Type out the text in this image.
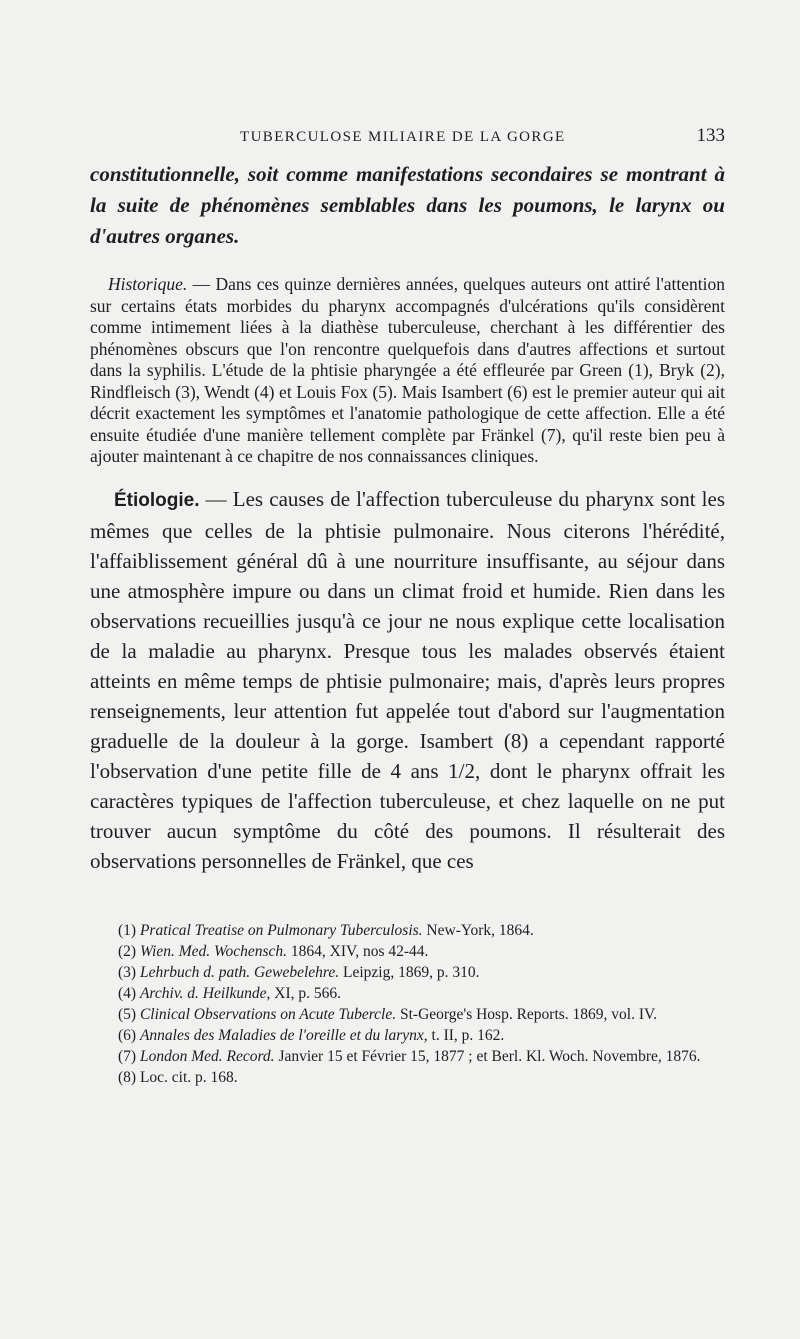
TUBERCULOSE MILIAIRE DE LA GORGE	133

constitutionnelle, soit comme manifestations secondaires se montrant à la suite de phénomènes semblables dans les poumons, le larynx ou d'autres organes.

Historique. — Dans ces quinze dernières années, quelques auteurs ont attiré l'attention sur certains états morbides du pharynx accompagnés d'ulcérations qu'ils considèrent comme intimement liées à la diathèse tuberculeuse, cherchant à les différentier des phénomènes obscurs que l'on rencontre quelquefois dans d'autres affections et surtout dans la syphilis. L'étude de la phtisie pharyngée a été effleurée par Green (1), Bryk (2), Rindfleisch (3), Wendt (4) et Louis Fox (5). Mais Isambert (6) est le premier auteur qui ait décrit exactement les symptômes et l'anatomie pathologique de cette affection. Elle a été ensuite étudiée d'une manière tellement complète par Fränkel (7), qu'il reste bien peu à ajouter maintenant à ce chapitre de nos connaissances cliniques.

Étiologie. — Les causes de l'affection tuberculeuse du pharynx sont les mêmes que celles de la phtisie pulmonaire. Nous citerons l'hérédité, l'affaiblissement général dû à une nourriture insuffisante, au séjour dans une atmosphère impure ou dans un climat froid et humide. Rien dans les observations recueillies jusqu'à ce jour ne nous explique cette localisation de la maladie au pharynx. Presque tous les malades observés étaient atteints en même temps de phtisie pulmonaire; mais, d'après leurs propres renseignements, leur attention fut appelée tout d'abord sur l'augmentation graduelle de la douleur à la gorge. Isambert (8) a cependant rapporté l'observation d'une petite fille de 4 ans 1/2, dont le pharynx offrait les caractères typiques de l'affection tuberculeuse, et chez laquelle on ne put trouver aucun symptôme du côté des poumons. Il résulterait des observations personnelles de Fränkel, que ces

(1) Pratical Treatise on Pulmonary Tuberculosis. New-York, 1864.
(2) Wien. Med. Wochensch. 1864, XIV, nos 42-44.
(3) Lehrbuch d. path. Gewebelehre. Leipzig, 1869, p. 310.
(4) Archiv. d. Heilkunde, XI, p. 566.
(5) Clinical Observations on Acute Tubercle. St-George's Hosp. Reports. 1869, vol. IV.
(6) Annales des Maladies de l'oreille et du larynx, t. II, p. 162.
(7) London Med. Record. Janvier 15 et Février 15, 1877 ; et Berl. Kl. Woch. Novembre, 1876.
(8) Loc. cit. p. 168.
